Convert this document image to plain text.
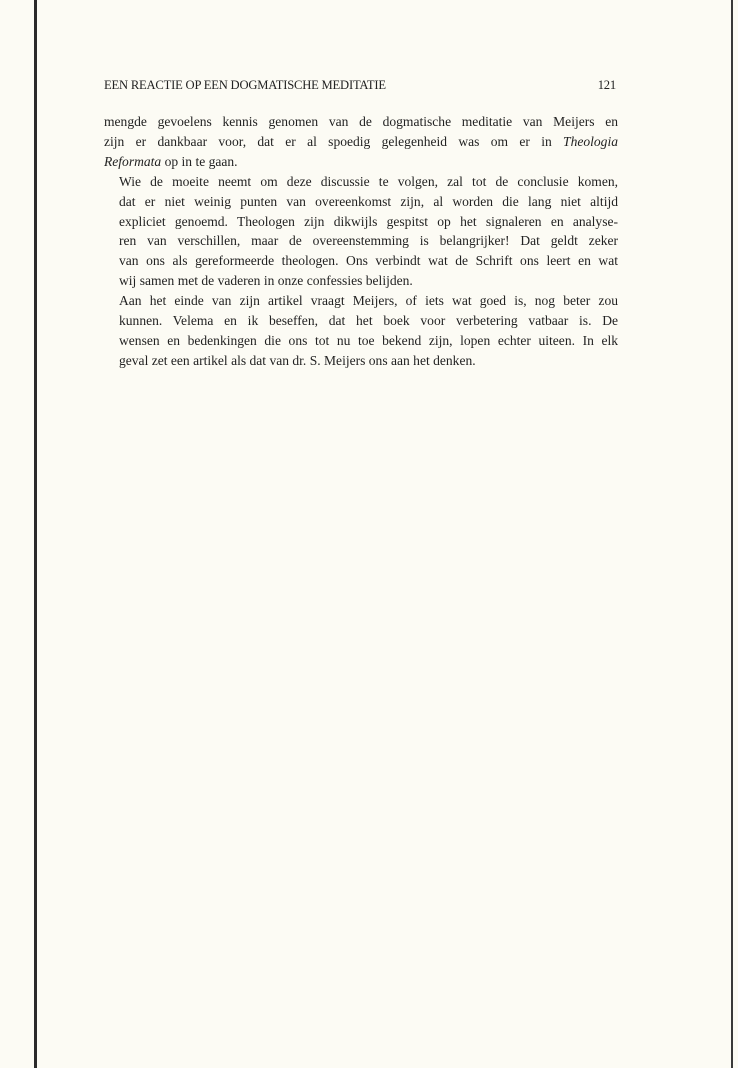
EEN REACTIE OP EEN DOGMATISCHE MEDITATIE	121

mengde gevoelens kennis genomen van de dogmatische meditatie van Meijers en
zijn er dankbaar voor, dat er al spoedig gelegenheid was om er in Theologia
Reformata op in te gaan.

Wie de moeite neemt om deze discussie te volgen, zal tot de conclusie komen,
dat er niet weinig punten van overeenkomst zijn, al worden die lang niet altijd
expliciet genoemd. Theologen zijn dikwijls gespitst op het signaleren en analyse-
ren van verschillen, maar de overeenstemming is belangrijker! Dat geldt zeker
van ons als gereformeerde theologen. Ons verbindt wat de Schrift ons leert en wat
wij samen met de vaderen in onze confessies belijden.

Aan het einde van zijn artikel vraagt Meijers, of iets wat goed is, nog beter zou
kunnen. Velema en ik beseffen, dat het boek voor verbetering vatbaar is. De
wensen en bedenkingen die ons tot nu toe bekend zijn, lopen echter uiteen. In elk
geval zet een artikel als dat van dr. S. Meijers ons aan het denken.
